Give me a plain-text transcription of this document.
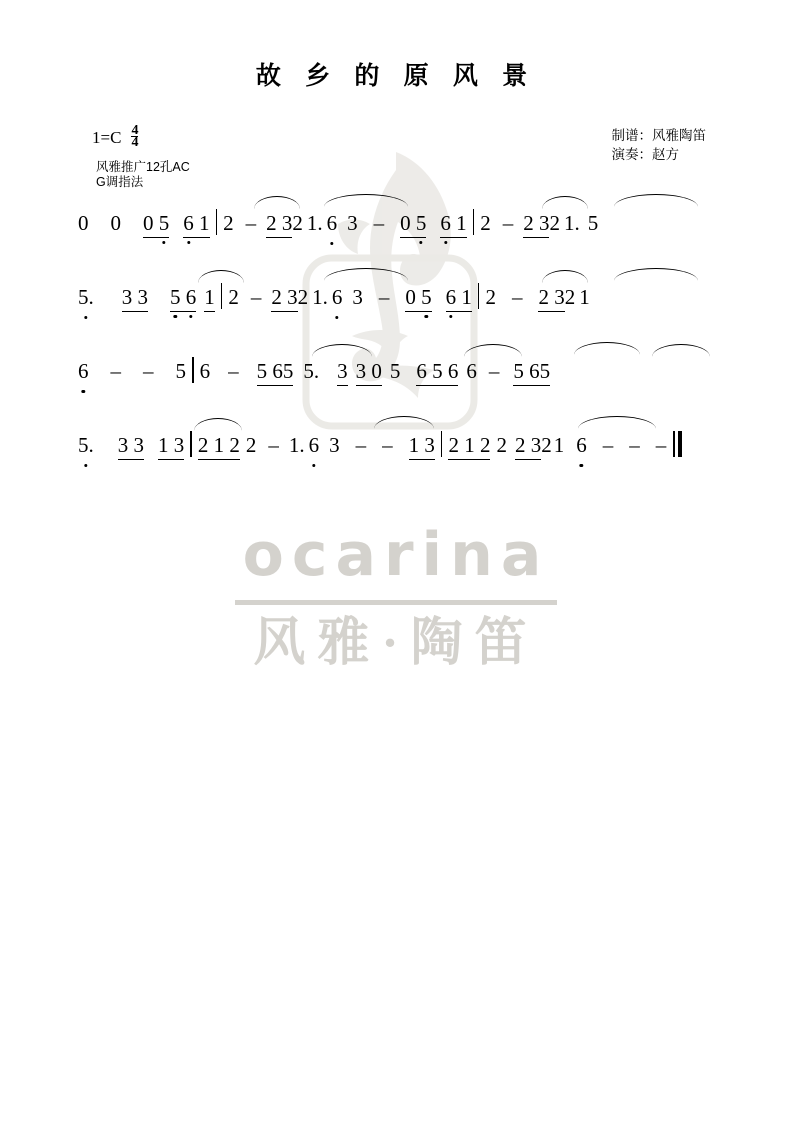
故 乡 的 原 风 景
$1=C \frac{4}{4}$
风雅推广12孔AC
G调指法
制谱：风雅陶笛
演奏：赵方
ocarina
风雅·陶笛
0 0 0 5 6 1 2 – 2 3 2 1. 6 3 – 0 5 6 1 2 – 2 3 2 1. 5
5. 3 3 5 6 1 2 – 2 3 2 1. 6 3 – 0 5 6 1 2 – 2 3 2 1
6 – – 5 6 – 5 6 5 5. 3 3 0 5 6 5 6 6 – 5 6 5
5. 3 3 1 3 2 1 2 2 – 1. 6 3 – – 1 3 2 1 2 2 2 3 2 1 6 – – –
